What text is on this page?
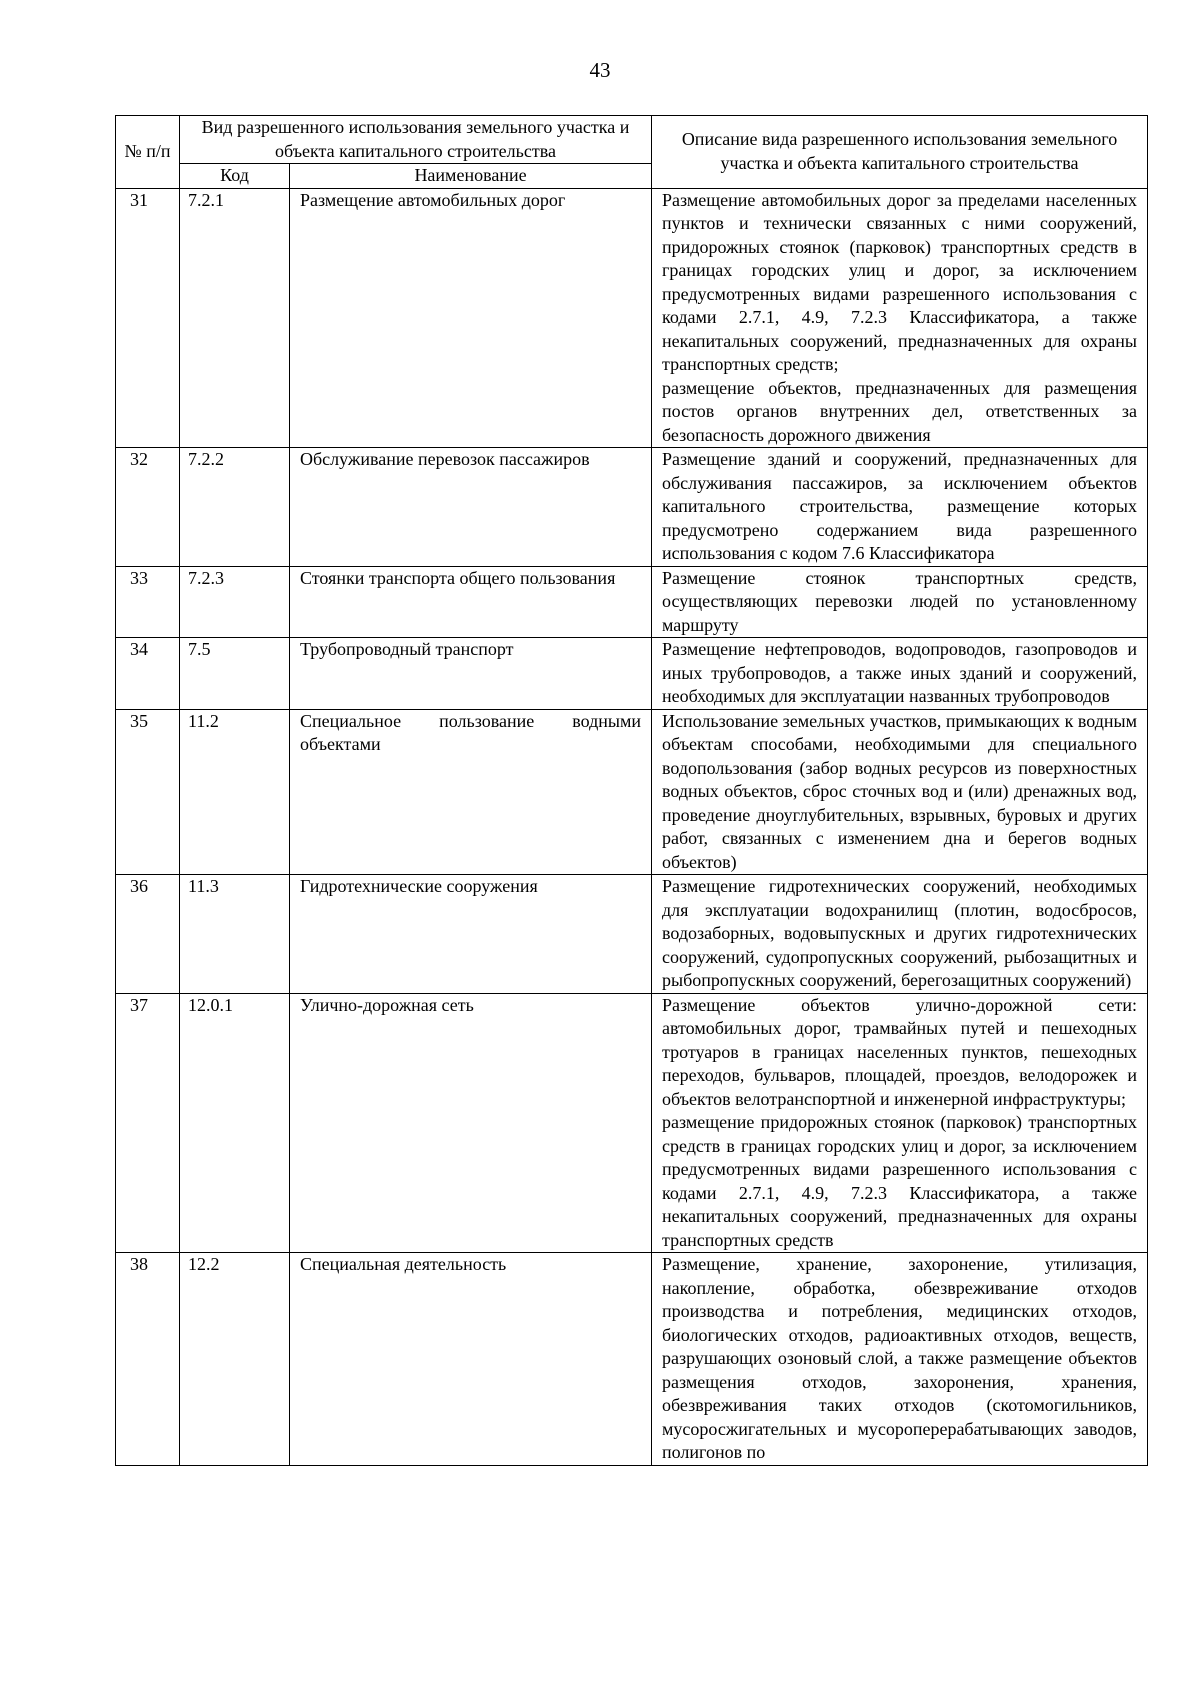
43
№ п/п	Вид разрешенного использования земельного участка и объекта капитального строительства		Описание вида разрешенного использования земельного участка и объекта капитального строительства
	Код	Наименование	
31	7.2.1	Размещение автомобильных дорог	Размещение автомобильных дорог за пределами населенных пунктов и технически связанных с ними сооружений, придорожных стоянок (парковок) транспортных средств в границах городских улиц и дорог, за исключением предусмотренных видами разрешенного использования с кодами 2.7.1, 4.9, 7.2.3 Классификатора, а также некапитальных сооружений, предназначенных для охраны транспортных средств;
размещение объектов, предназначенных для размещения постов органов внутренних дел, ответственных за безопасность дорожного движения

32	7.2.2	Обслуживание перевозок пассажиров	Размещение зданий и сооружений, предназначенных для обслуживания пассажиров, за исключением объектов капитального строительства, размещение которых предусмотрено содержанием вида разрешенного использования с кодом 7.6 Классификатора

33	7.2.3	Стоянки транспорта общего пользования	Размещение стоянок транспортных средств, осуществляющих перевозки людей по установленному маршруту

34	7.5	Трубопроводный транспорт	Размещение нефтепроводов, водопроводов, газопроводов и иных трубопроводов, а также иных зданий и сооружений, необходимых для эксплуатации названных трубопроводов

35	11.2	Специальное пользование водными объектами	Использование земельных участков, примыкающих к водным объектам способами, необходимыми для специального водопользования (забор водных ресурсов из поверхностных водных объектов, сброс сточных вод и (или) дренажных вод, проведение дноуглубительных, взрывных, буровых и других работ, связанных с изменением дна и берегов водных объектов)

36	11.3	Гидротехнические сооружения	Размещение гидротехнических сооружений, необходимых для эксплуатации водохранилищ (плотин, водосбросов, водозаборных, водовыпускных и других гидротехнических сооружений, судопропускных сооружений, рыбозащитных и рыбопропускных сооружений, берегозащитных сооружений)

37	12.0.1	Улично-дорожная сеть	Размещение объектов улично-дорожной сети: автомобильных дорог, трамвайных путей и пешеходных тротуаров в границах населенных пунктов, пешеходных переходов, бульваров, площадей, проездов, велодорожек и объектов велотранспортной и инженерной инфраструктуры;
размещение придорожных стоянок (парковок) транспортных средств в границах городских улиц и дорог, за исключением предусмотренных видами разрешенного использования с кодами 2.7.1, 4.9, 7.2.3 Классификатора, а также некапитальных сооружений, предназначенных для охраны транспортных средств

38	12.2	Специальная деятельность	Размещение, хранение, захоронение, утилизация, накопление, обработка, обезвреживание отходов производства и потребления, медицинских отходов, биологических отходов, радиоактивных отходов, веществ, разрушающих озоновый слой, а также размещение объектов размещения отходов, захоронения, хранения, обезвреживания таких отходов (скотомогильников, мусоросжигательных и мусороперерабатывающих заводов, полигонов по
